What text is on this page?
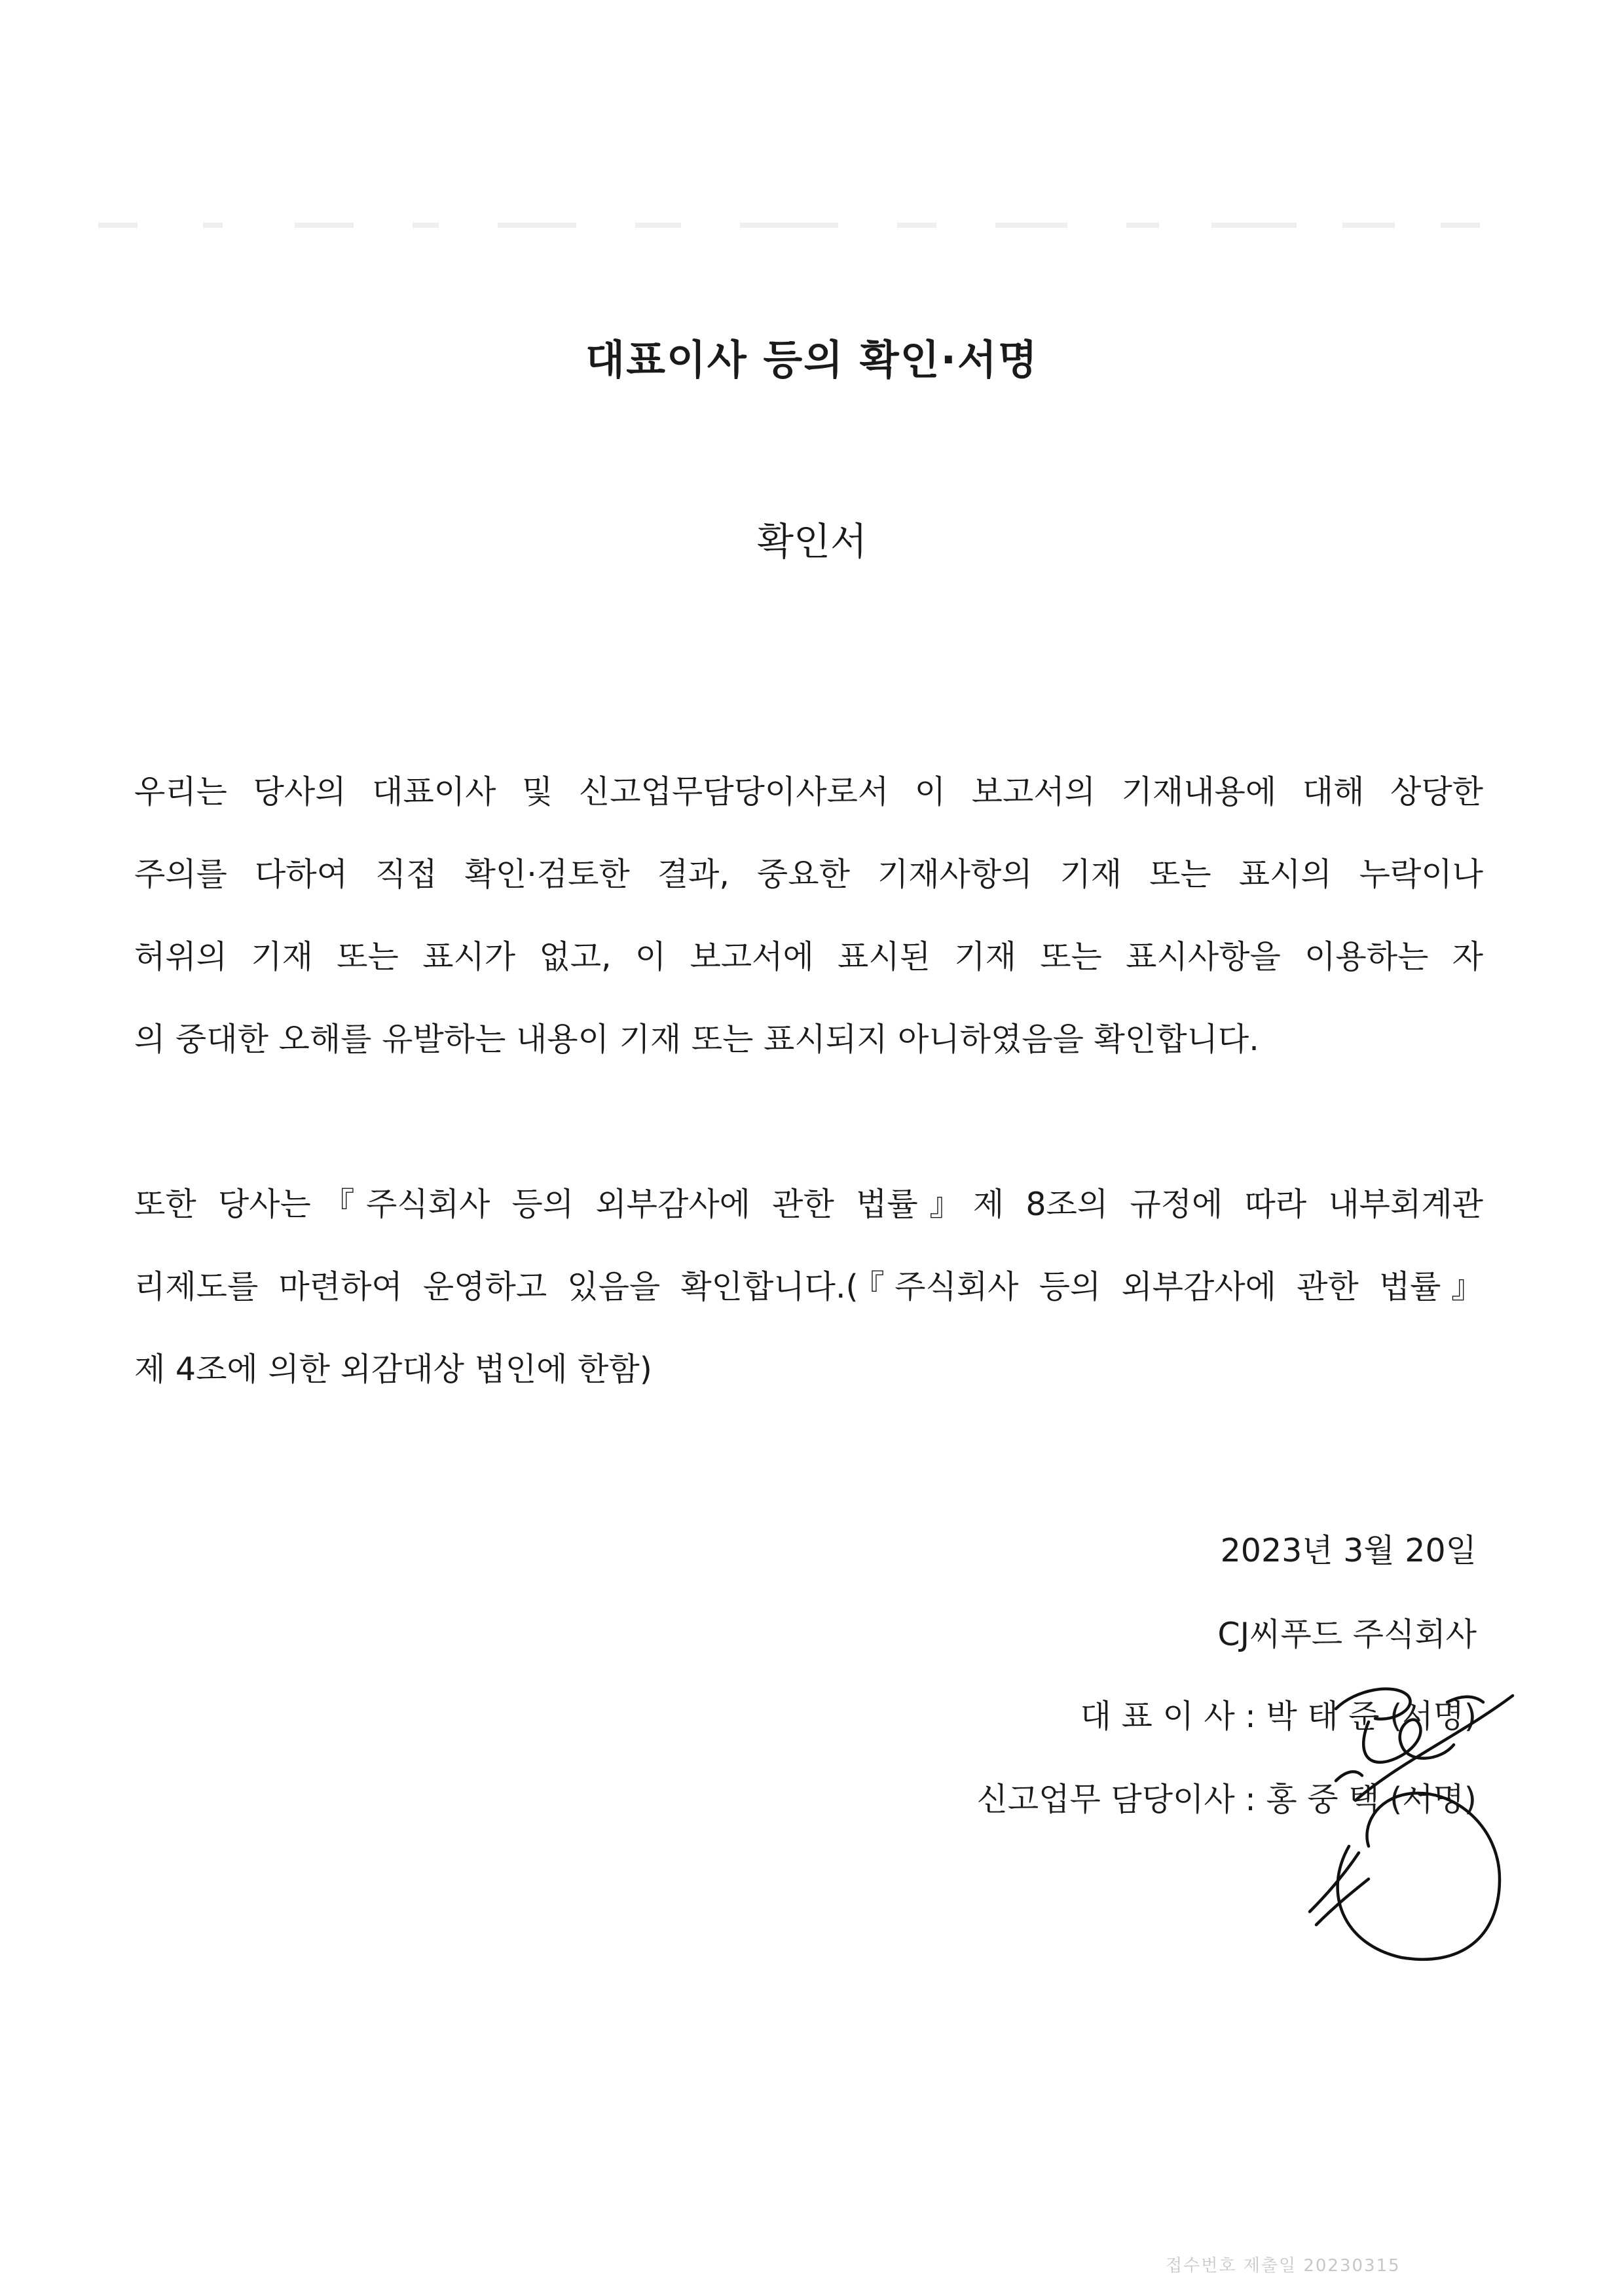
대표이사 등의 확인·서명
확인서
우리는 당사의 대표이사 및 신고업무담당이사로서 이 보고서의 기재내용에 대해 상당한
주의를 다하여 직접 확인·검토한 결과, 중요한 기재사항의 기재 또는 표시의 누락이나
허위의 기재 또는 표시가 없고, 이 보고서에 표시된 기재 또는 표시사항을 이용하는 자
의 중대한 오해를 유발하는 내용이 기재 또는 표시되지 아니하였음을 확인합니다.
또한 당사는『주식회사 등의 외부감사에 관한 법률』제 8조의 규정에 따라 내부회계관
리제도를 마련하여 운영하고 있음을 확인합니다.(『주식회사 등의 외부감사에 관한 법률』
제 4조에 의한 외감대상 법인에 한함)
2023년 3월 20일
CJ씨푸드 주식회사
대 표 이 사 : 박 태 준 (서명)
신고업무 담당이사 : 홍 중 택 (서명)
접수번호 제출일 20230315
